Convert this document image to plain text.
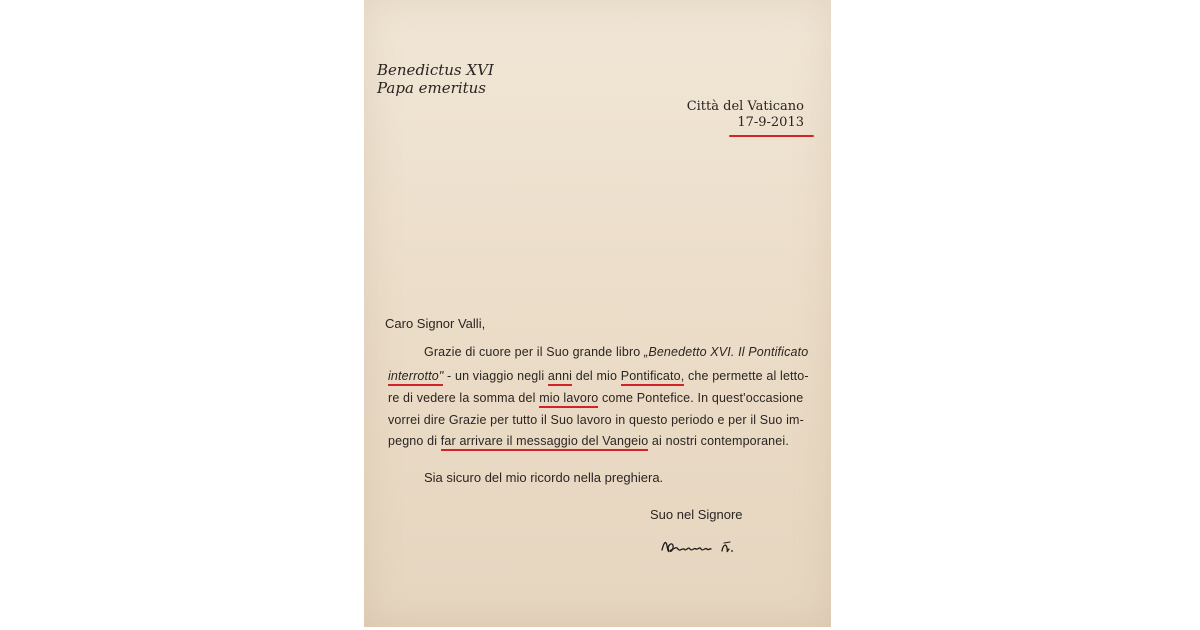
Benedictus XVI
Papa emeritus
Città del Vaticano
17-9-2013
Caro Signor Valli,
Grazie di cuore per il Suo grande libro „Benedetto XVI. Il Pontificato
interrotto" - un viaggio negli anni del mio Pontificato, che permette al letto-
re di vedere la somma del mio lavoro come Pontefice. In quest'occasione
vorrei dire Grazie per tutto il Suo lavoro in questo periodo e per il Suo im-
pegno di far arrivare il messaggio del Vangeio ai nostri contemporanei.
Sia sicuro del mio ricordo nella preghiera.
Suo nel Signore
